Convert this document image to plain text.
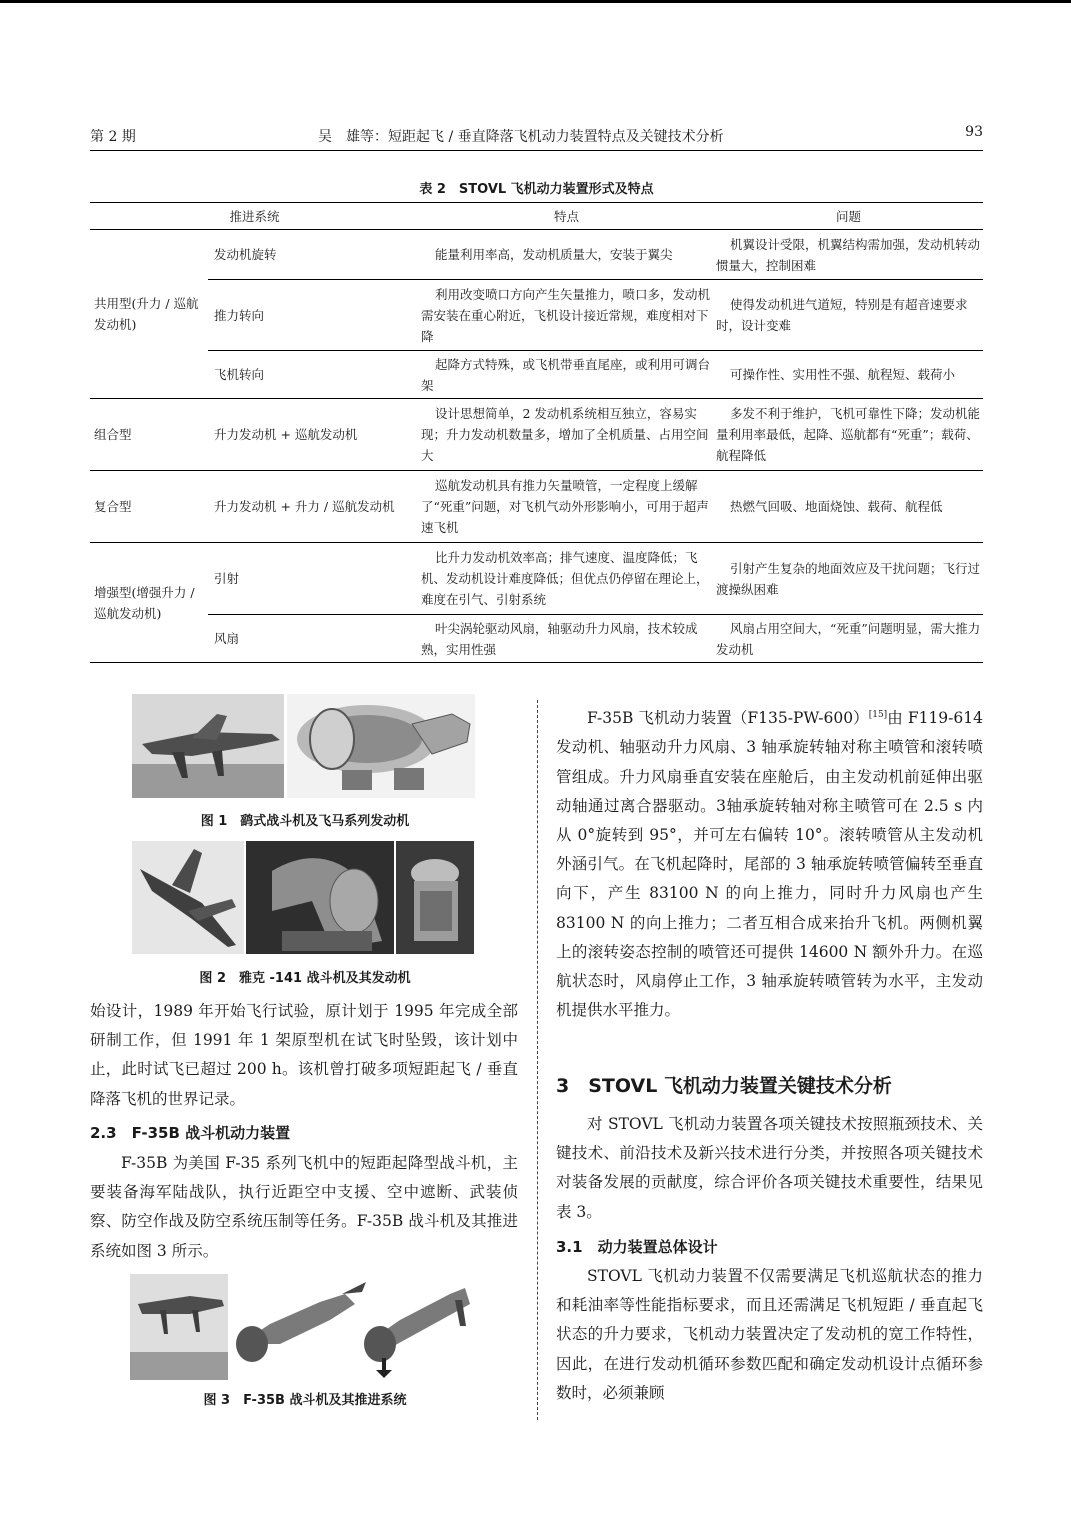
第 2 期	吴　雄等：短距起飞 / 垂直降落飞机动力装置特点及关键技术分析	93
表 2　STOVL 飞机动力装置形式及特点
推进系统		特点	问题
共用型(升力 / 巡航发动机)	发动机旋转	能量利用率高，发动机质量大，安装于翼尖	机翼设计受限，机翼结构需加强，发动机转动惯量大，控制困难
	推力转向	利用改变喷口方向产生矢量推力，喷口多，发动机需安装在重心附近，飞机设计接近常规，难度相对下降	使得发动机进气道短，特别是有超音速要求时，设计变难
	飞机转向	起降方式特殊，或飞机带垂直尾座，或利用可调台架	可操作性、实用性不强、航程短、载荷小
组合型	升力发动机 + 巡航发动机	设计思想简单，2 发动机系统相互独立，容易实现；升力发动机数量多，增加了全机质量、占用空间大	多发不利于维护，飞机可靠性下降；发动机能量利用率最低，起降、巡航都有“死重”；载荷、航程降低
复合型	升力发动机 + 升力 / 巡航发动机	巡航发动机具有推力矢量喷管，一定程度上缓解了“死重”问题，对飞机气动外形影响小，可用于超声速飞机	热燃气回吸、地面烧蚀、载荷、航程低
增强型(增强升力 / 巡航发动机)	引射	比升力发动机效率高；排气速度、温度降低；飞机、发动机设计难度降低；但优点仍停留在理论上，难度在引气、引射系统	引射产生复杂的地面效应及干扰问题；飞行过渡操纵困难
	风扇	叶尖涡轮驱动风扇，轴驱动升力风扇，技术较成熟，实用性强	风扇占用空间大，“死重”问题明显，需大推力发动机
图 1　鹞式战斗机及飞马系列发动机
图 2　雅克 -141 战斗机及其发动机

始设计，1989 年开始飞行试验，原计划于 1995 年完成全部研制工作，但 1991 年 1 架原型机在试飞时坠毁，该计划中止，此时试飞已超过 200 h。该机曾打破多项短距起飞 / 垂直降落飞机的世界记录。

2.3　F-35B 战斗机动力装置

F-35B 为美国 F-35 系列飞机中的短距起降型战斗机，主要装备海军陆战队，执行近距空中支援、空中遮断、武装侦察、防空作战及防空系统压制等任务。F-35B 战斗机及其推进系统如图 3 所示。

图 3　F-35B 战斗机及其推进系统

F-35B 飞机动力装置（F135-PW-600）[15]由 F119-614 发动机、轴驱动升力风扇、3 轴承旋转轴对称主喷管和滚转喷管组成。升力风扇垂直安装在座舱后，由主发动机前延伸出驱动轴通过离合器驱动。3轴承旋转轴对称主喷管可在 2.5 s 内从 0°旋转到 95°，并可左右偏转 10°。滚转喷管从主发动机外涵引气。在飞机起降时，尾部的 3 轴承旋转喷管偏转至垂直向下，产生 83100 N 的向上推力，同时升力风扇也产生 83100 N 的向上推力；二者互相合成来抬升飞机。两侧机翼上的滚转姿态控制的喷管还可提供 14600 N 额外升力。在巡航状态时，风扇停止工作，3 轴承旋转喷管转为水平，主发动机提供水平推力。

3　STOVL 飞机动力装置关键技术分析

对 STOVL 飞机动力装置各项关键技术按照瓶颈技术、关键技术、前沿技术及新兴技术进行分类，并按照各项关键技术对装备发展的贡献度，综合评价各项关键技术重要性，结果见表 3。

3.1　动力装置总体设计

STOVL 飞机动力装置不仅需要满足飞机巡航状态的推力和耗油率等性能指标要求，而且还需满足飞机短距 / 垂直起飞状态的升力要求，飞机动力装置决定了发动机的宽工作特性，因此，在进行发动机循环参数匹配和确定发动机设计点循环参数时，必须兼顾
